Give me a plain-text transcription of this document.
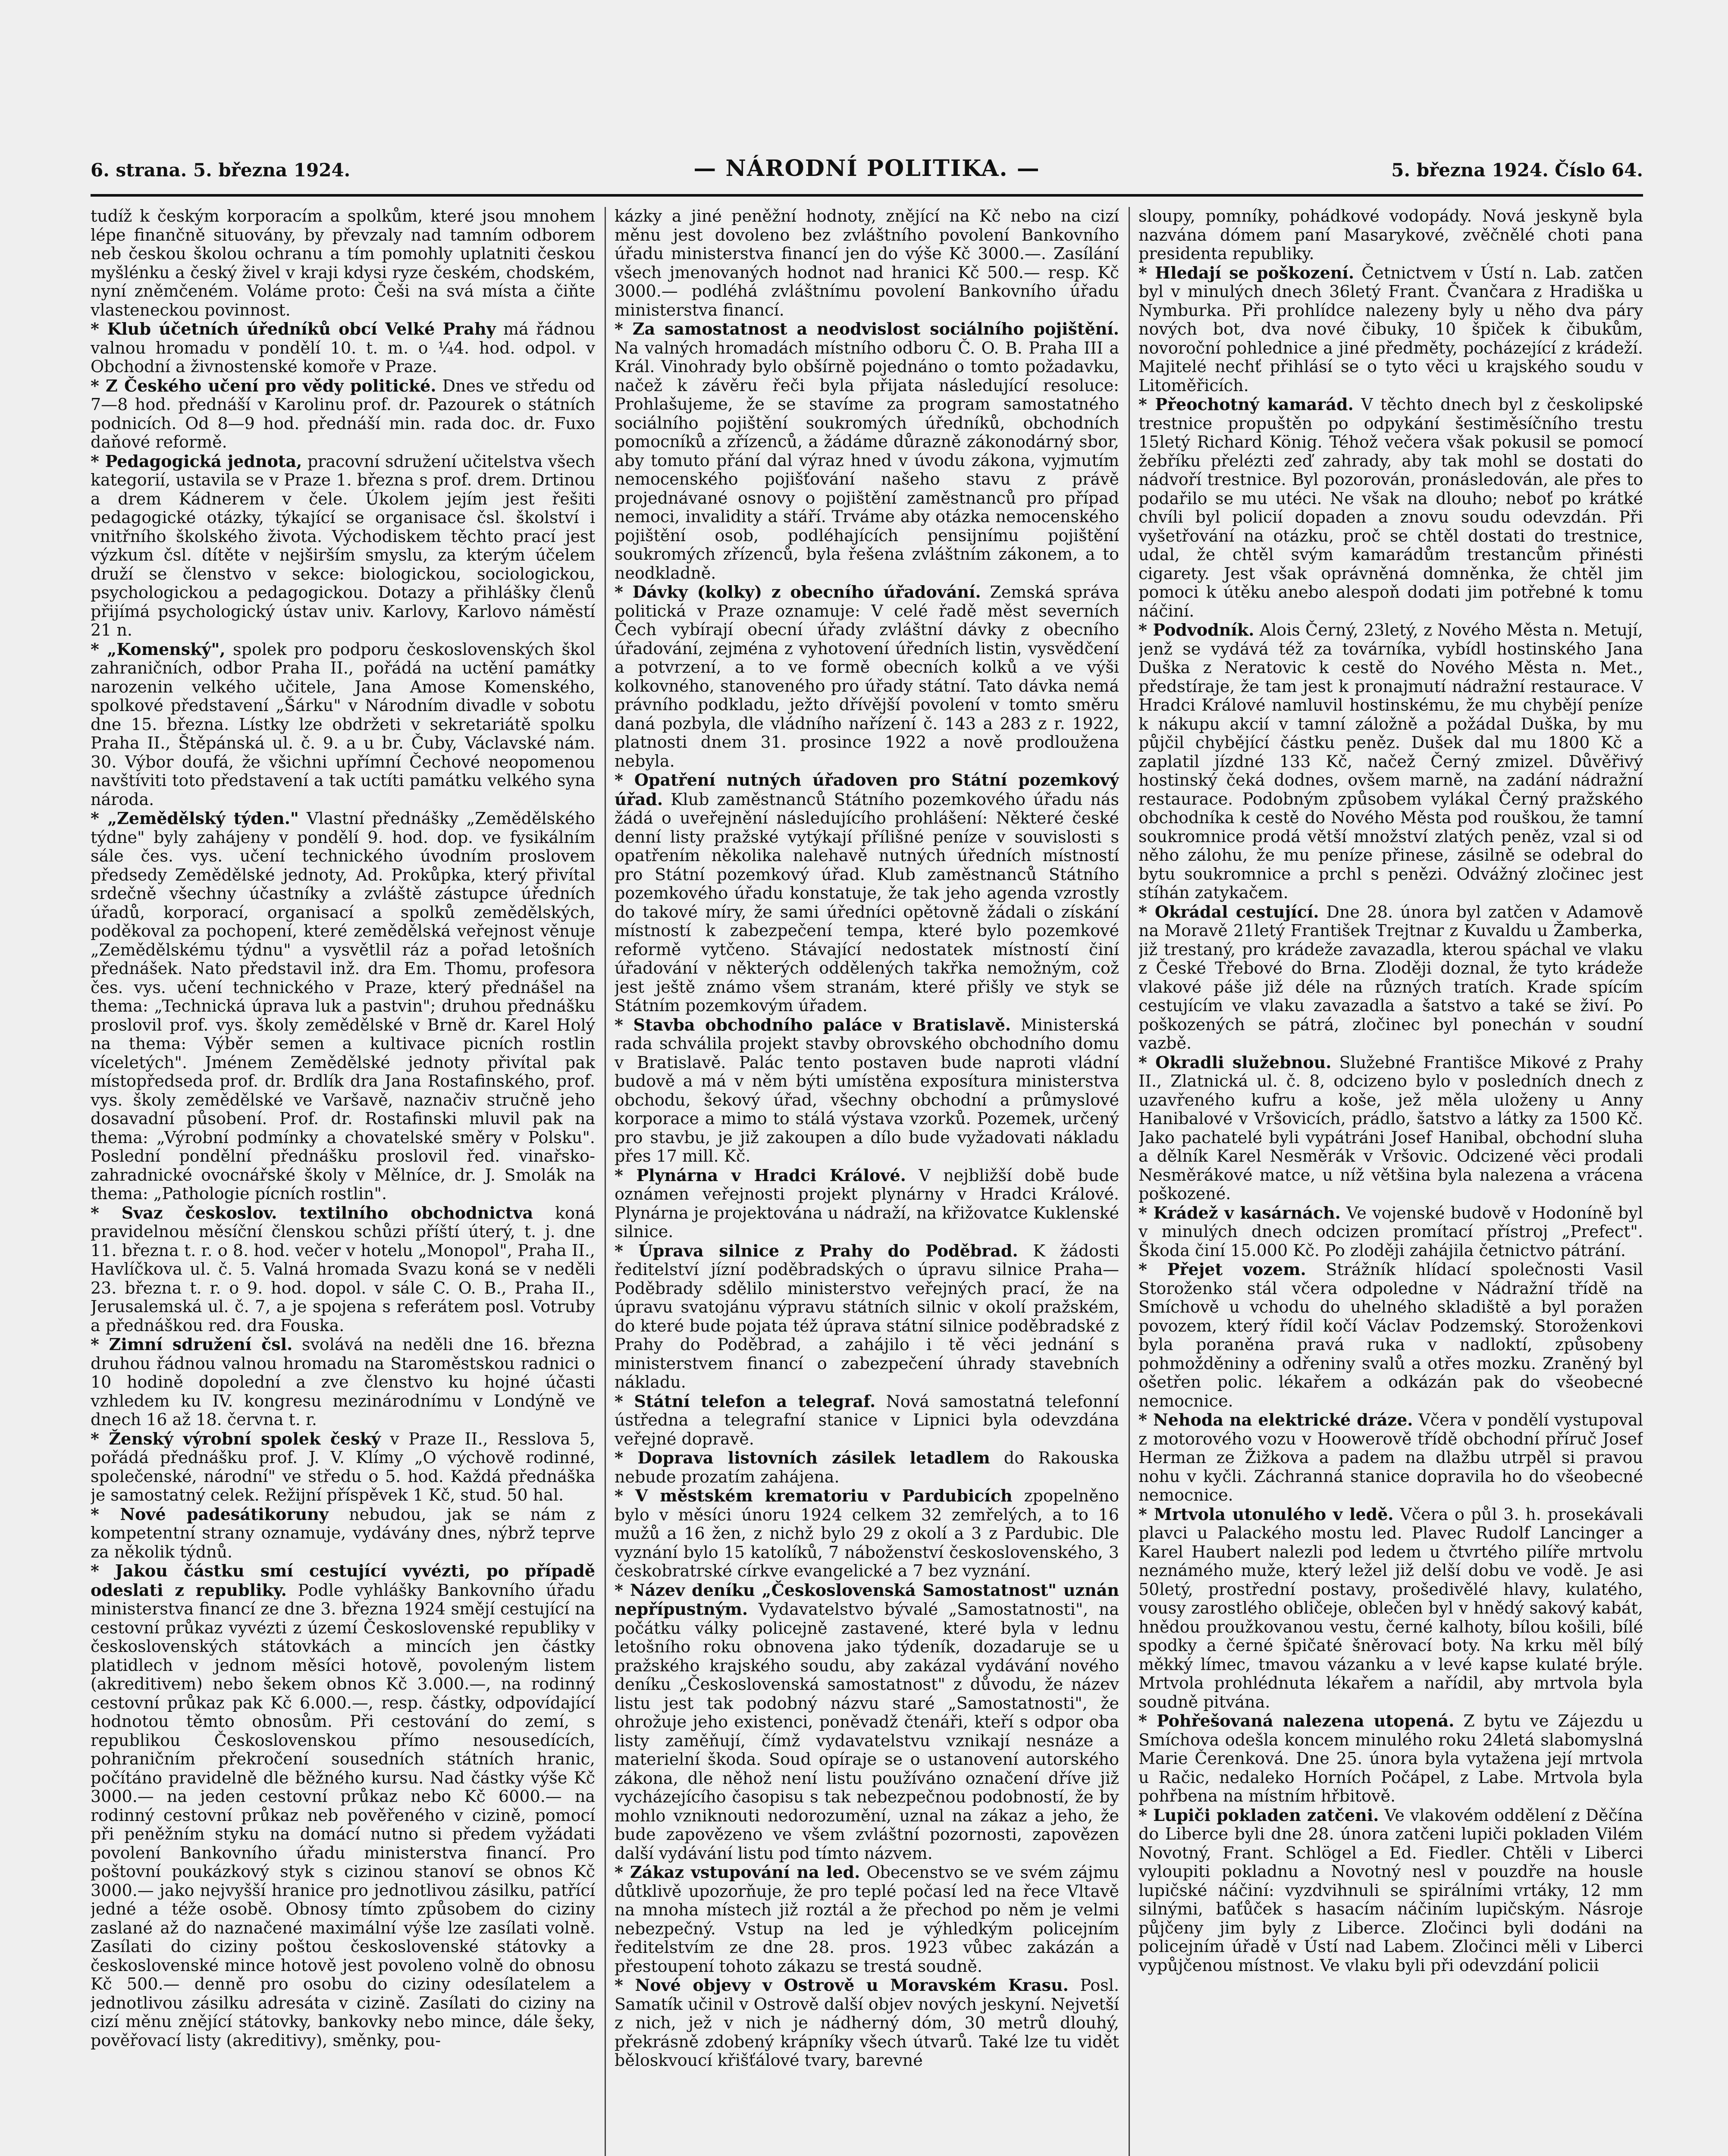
6. strana. 5. března 1924.	— NÁRODNÍ POLITIKA. —	5. března 1924. Číslo 64.

tudíž k českým korporacím a spolkům, které jsou mnohem lépe finančně situovány, by převzaly nad tamním odborem neb českou školou ochranu a tím pomohly uplatniti českou myšlénku a český živel v kraji kdysi ryze českém, chodském, nyní zněmčeném. Voláme proto: Češi na svá místa a čiňte vlasteneckou povinnost.

* Klub účetních úředníků obcí Velké Prahy má řádnou valnou hromadu v pondělí 10. t. m. o ¼4. hod. odpol. v Obchodní a živnostenské komoře v Praze.

* Z Českého učení pro vědy politické. Dnes ve středu od 7—8 hod. přednáší v Karolinu prof. dr. Pazourek o státních podnicích. Od 8—9 hod. přednáší min. rada doc. dr. Fuxo daňové reformě.

* Pedagogická jednota, pracovní sdružení učitelstva všech kategorií, ustavila se v Praze 1. března s prof. drem. Drtinou a drem Kádnerem v čele. Úkolem jejím jest řešiti pedagogické otázky, týkající se organisace čsl. školství i vnitřního školského života. Východiskem těchto prací jest výzkum čsl. dítěte v nejširším smyslu, za kterým účelem druží se členstvo v sekce: biologickou, sociologickou, psychologickou a pedagogickou. Dotazy a přihlášky členů přijímá psychologický ústav univ. Karlovy, Karlovo náměstí 21 n.

* „Komenský", spolek pro podporu československých škol zahraničních, odbor Praha II., pořádá na uctění památky narozenin velkého učitele, Jana Amose Komenského, spolkové představení „Šárku" v Národním divadle v sobotu dne 15. března. Lístky lze obdržeti v sekretariátě spolku Praha II., Štěpánská ul. č. 9. a u br. Čuby, Václavské nám. 30. Výbor doufá, že všichni upřímní Čechové neopomenou navštíviti toto představení a tak uctíti památku velkého syna národa.

* „Zemědělský týden." Vlastní přednášky „Zemědělského týdne" byly zahájeny v pondělí 9. hod. dop. ve fysikálním sále čes. vys. učení technického úvodním proslovem předsedy Zemědělské jednoty, Ad. Prokůpka, který přivítal srdečně všechny účastníky a zvláště zástupce úředních úřadů, korporací, organisací a spolků zemědělských, poděkoval za pochopení, které zemědělská veřejnost věnuje „Zemědělskému týdnu" a vysvětlil ráz a pořad letošních přednášek. Nato představil inž. dra Em. Thomu, profesora čes. vys. učení technického v Praze, který přednášel na thema: „Technická úprava luk a pastvin"; druhou přednášku proslovil prof. vys. školy zemědělské v Brně dr. Karel Holý na thema: Výběr semen a kultivace picních rostlin víceletých". Jménem Zemědělské jednoty přivítal pak místopředseda prof. dr. Brdlík dra Jana Rostafinského, prof. vys. školy zemědělské ve Varšavě, naznačiv stručně jeho dosavadní působení. Prof. dr. Rostafinski mluvil pak na thema: „Výrobní podmínky a chovatelské směry v Polsku". Poslední pondělní přednášku proslovil řed. vinařsko-zahradnické ovocnářské školy v Mělníce, dr. J. Smolák na thema: „Pathologie pícních rostlin".

* Svaz českoslov. textilního obchodnictva koná pravidelnou měsíční členskou schůzi příští úterý, t. j. dne 11. března t. r. o 8. hod. večer v hotelu „Monopol", Praha II., Havlíčkova ul. č. 5. Valná hromada Svazu koná se v neděli 23. března t. r. o 9. hod. dopol. v sále C. O. B., Praha II., Jerusalemská ul. č. 7, a je spojena s referátem posl. Votruby a přednáškou red. dra Fouska.

* Zimní sdružení čsl. svolává na neděli dne 16. března druhou řádnou valnou hromadu na Staroměstskou radnici o 10 hodině dopolední a zve členstvo ku hojné účasti vzhledem ku IV. kongresu mezinárodnímu v Londýně ve dnech 16 až 18. června t. r.

* Ženský výrobní spolek český v Praze II., Resslova 5, pořádá přednášku prof. J. V. Klímy „O výchově rodinné, společenské, národní" ve středu o 5. hod. Každá přednáška je samostatný celek. Režijní příspěvek 1 Kč, stud. 50 hal.

* Nové padesátikoruny nebudou, jak se nám z kompetentní strany oznamuje, vydávány dnes, nýbrž teprve za několik týdnů.

* Jakou částku smí cestující vyvézti, po případě odeslati z republiky. Podle vyhlášky Bankovního úřadu ministerstva financí ze dne 3. března 1924 smějí cestující na cestovní průkaz vyvézti z území Československé republiky v československých státovkách a mincích jen částky platidlech v jednom měsíci hotově, povoleným listem (akreditivem) nebo šekem obnos Kč 3.000.—, na rodinný cestovní průkaz pak Kč 6.000.—, resp. částky, odpovídající hodnotou těmto obnosům. Při cestování do zemí, s republikou Československou přímo nesousedících, pohraničním překročení sousedních státních hranic, počítáno pravidelně dle běžného kursu. Nad částky výše Kč 3000.— na jeden cestovní průkaz nebo Kč 6000.— na rodinný cestovní průkaz neb pověřeného v cizině, pomocí při peněžním styku na domácí nutno si předem vyžádati povolení Bankovního úřadu ministerstva financí. Pro poštovní poukázkový styk s cizinou stanoví se obnos Kč 3000.— jako nejvyšší hranice pro jednotlivou zásilku, patřící jedné a téže osobě. Obnosy tímto způsobem do ciziny zaslané až do naznačené maximální výše lze zasílati volně. Zasílati do ciziny poštou československé státovky a československé mince hotově jest povoleno volně do obnosu Kč 500.— denně pro osobu do ciziny odesílatelem a jednotlivou zásilku adresáta v cizině. Zasílati do ciziny na cizí měnu znějící státovky, bankovky nebo mince, dále šeky, pověřovací listy (akreditivy), směnky, pou-

kázky a jiné peněžní hodnoty, znějící na Kč nebo na cizí měnu jest dovoleno bez zvláštního povolení Bankovního úřadu ministerstva financí jen do výše Kč 3000.—. Zasílání všech jmenovaných hodnot nad hranici Kč 500.— resp. Kč 3000.— podléhá zvláštnímu povolení Bankovního úřadu ministerstva financí.

* Za samostatnost a neodvislost sociálního pojištění. Na valných hromadách místního odboru Č. O. B. Praha III a Král. Vinohrady bylo obšírně pojednáno o tomto požadavku, načež k závěru řeči byla přijata následující resoluce: Prohlašujeme, že se stavíme za program samostatného sociálního pojištění soukromých úředníků, obchodních pomocníků a zřízenců, a žádáme důrazně zákonodárný sbor, aby tomuto přání dal výraz hned v úvodu zákona, vyjmutím nemocenského pojišťování našeho stavu z právě projednávané osnovy o pojištění zaměstnanců pro případ nemoci, invalidity a stáří. Trváme aby otázka nemocenského pojištění osob, podléhajících pensijnímu pojištění soukromých zřízenců, byla řešena zvláštním zákonem, a to neodkladně.

* Dávky (kolky) z obecního úřadování. Zemská správa politická v Praze oznamuje: V celé řadě měst severních Čech vybírají obecní úřady zvláštní dávky z obecního úřadování, zejména z vyhotovení úředních listin, vysvědčení a potvrzení, a to ve formě obecních kolků a ve výši kolkovného, stanoveného pro úřady státní. Tato dávka nemá právního podkladu, ježto dřívější povolení v tomto směru daná pozbyla, dle vládního nařízení č. 143 a 283 z r. 1922, platnosti dnem 31. prosince 1922 a nově prodloužena nebyla.

* Opatření nutných úřadoven pro Státní pozemkový úřad. Klub zaměstnanců Státního pozemkového úřadu nás žádá o uveřejnění následujícího prohlášení: Některé české denní listy pražské vytýkají přílišné peníze v souvislosti s opatřením několika nalehavě nutných úředních místností pro Státní pozemkový úřad. Klub zaměstnanců Státního pozemkového úřadu konstatuje, že tak jeho agenda vzrostly do takové míry, že sami úředníci opětovně žádali o získání místností k zabezpečení tempa, které bylo pozemkové reformě vytčeno. Stávající nedostatek místností činí úřadování v některých oddělených takřka nemožným, což jest ještě známo všem stranám, které přišly ve styk se Státním pozemkovým úřadem.

* Stavba obchodního paláce v Bratislavě. Ministerská rada schválila projekt stavby obrovského obchodního domu v Bratislavě. Palác tento postaven bude naproti vládní budově a má v něm býti umístěna exposítura ministerstva obchodu, šekový úřad, všechny obchodní a průmyslové korporace a mimo to stálá výstava vzorků. Pozemek, určený pro stavbu, je již zakoupen a dílo bude vyžadovati nákladu přes 17 mill. Kč.

* Plynárna v Hradci Králové. V nejbližší době bude oznámen veřejnosti projekt plynárny v Hradci Králové. Plynárna je projektována u nádraží, na křižovatce Kuklenské silnice.

* Úprava silnice z Prahy do Poděbrad. K žádosti ředitelství jízní poděbradských o úpravu silnice Praha—Poděbrady sdělilo ministerstvo veřejných prací, že na úpravu svatojánu výpravu státních silnic v okolí pražském, do které bude pojata též úprava státní silnice poděbradské z Prahy do Poděbrad, a zahájilo i tě věci jednání s ministerstvem financí o zabezpečení úhrady stavebních nákladu.

* Státní telefon a telegraf. Nová samostatná telefonní ústředna a telegrafní stanice v Lipnici byla odevzdána veřejné dopravě.

* Doprava listovních zásilek letadlem do Rakouska nebude prozatím zahájena.

* V městském krematoriu v Pardubicích zpopelněno bylo v měsíci únoru 1924 celkem 32 zemřelých, a to 16 mužů a 16 žen, z nichž bylo 29 z okolí a 3 z Pardubic. Dle vyznání bylo 15 katolíků, 7 náboženství československého, 3 českobratrské církve evangelické a 7 bez vyznání.

* Název deníku „Československá Samostatnost" uznán nepřípustným. Vydavatelstvo bývalé „Samostatnosti", na počátku války policejně zastavené, které byla v lednu letošního roku obnovena jako týdeník, dozadaruje se u pražského krajského soudu, aby zakázal vydávání nového deníku „Československá samostatnost" z důvodu, že název listu jest tak podobný názvu staré „Samostatnosti", že ohrožuje jeho existenci, poněvadž čtenáři, kteří s odpor oba listy zaměňují, čímž vydavatelstvu vznikají nesnáze a materielní škoda. Soud opíraje se o ustanovení autorského zákona, dle něhož není listu používáno označení dříve již vycházejícího časopisu s tak nebezpečnou podobností, že by mohlo vzniknouti nedorozumění, uznal na zákaz a jeho, že bude zapovězeno ve všem zvláštní pozornosti, zapovězen další vydávání listu pod tímto názvem.

* Zákaz vstupování na led. Obecenstvo se ve svém zájmu důtklivě upozorňuje, že pro teplé počasí led na řece Vltavě na mnoha místech již roztál a že přechod po něm je velmi nebezpečný. Vstup na led je výhledkým policejním ředitelstvím ze dne 28. pros. 1923 vůbec zakázán a přestoupení tohoto zákazu se trestá soudně.

* Nové objevy v Ostrově u Moravském Krasu. Posl. Samatík učinil v Ostrově další objev nových jeskyní. Nejvetší z nich, jež v nich je nádherný dóm, 30 metrů dlouhý, překrásně zdobený krápníky všech útvarů. Také lze tu vidět běloskvoucí křišťálové tvary, barevné

sloupy, pomníky, pohádkové vodopády. Nová jeskyně byla nazvána dómem paní Masarykové, zvěčnělé choti pana presidenta republiky.

* Hledají se poškození. Četnictvem v Ústí n. Lab. zatčen byl v minulých dnech 36letý Frant. Čvančara z Hradiška u Nymburka. Při prohlídce nalezeny byly u něho dva páry nových bot, dva nové čibuky, 10 špiček k čibukům, novoroční pohlednice a jiné předměty, pocházející z krádeží. Majitelé nechť přihlásí se o tyto věci u krajského soudu v Litoměřicích.

* Přeochotný kamarád. V těchto dnech byl z českolipské trestnice propuštěn po odpykání šestiměsíčního trestu 15letý Richard König. Téhož večera však pokusil se pomocí žebříku přelézti zeď zahrady, aby tak mohl se dostati do nádvoří trestnice. Byl pozorován, pronásledován, ale přes to podařilo se mu utéci. Ne však na dlouho; neboť po krátké chvíli byl policií dopaden a znovu soudu odevzdán. Při vyšetřování na otázku, proč se chtěl dostati do trestnice, udal, že chtěl svým kamarádům trestancům přinésti cigarety. Jest však oprávněná domněnka, že chtěl jim pomoci k útěku anebo alespoň dodati jim potřebné k tomu náčiní.

* Podvodník. Alois Černý, 23letý, z Nového Města n. Metují, jenž se vydává též za továrníka, vybídl hostinského Jana Duška z Neratovic k cestě do Nového Města n. Met., předstíraje, že tam jest k pronajmutí nádražní restaurace. V Hradci Králové namluvil hostinskému, že mu chybějí peníze k nákupu akcií v tamní záložně a požádal Duška, by mu půjčil chybějící částku peněz. Dušek dal mu 1800 Kč a zaplatil jízdné 133 Kč, načež Černý zmizel. Důvěřivý hostinský čeká dodnes, ovšem marně, na zadání nádražní restaurace. Podobným způsobem vylákal Černý pražského obchodníka k cestě do Nového Města pod rouškou, že tamní soukromnice prodá větší množství zlatých peněz, vzal si od něho zálohu, že mu peníze přinese, zásilně se odebral do bytu soukromnice a prchl s penězi. Odvážný zločinec jest stíhán zatykačem.

* Okrádal cestující. Dne 28. února byl zatčen v Adamově na Moravě 21letý František Trejtnar z Kuvaldu u Žamberka, již trestaný, pro krádeže zavazadla, kterou spáchal ve vlaku z České Třebové do Brna. Zloději doznal, že tyto krádeže vlakové páše již déle na různých tratích. Krade spícím cestujícím ve vlaku zavazadla a šatstvo a také se živí. Po poškozených se pátrá, zločinec byl ponechán v soudní vazbě.

* Okradli služebnou. Služebné Františce Mikové z Prahy II., Zlatnická ul. č. 8, odcizeno bylo v posledních dnech z uzavřeného kufru a koše, jež měla uloženy u Anny Hanibalové v Vršovicích, prádlo, šatstvo a látky za 1500 Kč. Jako pachatelé byli vypátráni Josef Hanibal, obchodní sluha a dělník Karel Nesměrák v Vršovic. Odcizené věci prodali Nesměrákové matce, u níž většina byla nalezena a vrácena poškozené.

* Krádež v kasárnách. Ve vojenské budově v Hodoníně byl v minulých dnech odcizen promítací přístroj „Prefect". Škoda činí 15.000 Kč. Po zloději zahájila četnictvo pátrání.

* Přejet vozem. Strážník hlídací společnosti Vasil Storoženko stál včera odpoledne v Nádražní třídě na Smíchově u vchodu do uhelného skladiště a byl poražen povozem, který řídil kočí Václav Podzemský. Storoženkovi byla poraněna pravá ruka v nadloktí, způsobeny pohmožděniny a odřeniny svalů a otřes mozku. Zraněný byl ošetřen polic. lékařem a odkázán pak do všeobecné nemocnice.

* Nehoda na elektrické dráze. Včera v pondělí vystupoval z motorového vozu v Hoowerově třídě obchodní příruč Josef Herman ze Žižkova a padem na dlažbu utrpěl si pravou nohu v kyčli. Záchranná stanice dopravila ho do všeobecné nemocnice.

* Mrtvola utonulého v ledě. Včera o půl 3. h. prosekávali plavci u Palackého mostu led. Plavec Rudolf Lancinger a Karel Haubert nalezli pod ledem u čtvrtého pilíře mrtvolu neznámého muže, který ležel již delší dobu ve vodě. Je asi 50letý, prostřední postavy, prošedivělé hlavy, kulatého, vousy zarostlého obličeje, oblečen byl v hnědý sakový kabát, hnědou proužkovanou vestu, černé kalhoty, bílou košili, bílé spodky a černé špičaté šněrovací boty. Na krku měl bílý měkký límec, tmavou vázanku a v levé kapse kulaté brýle. Mrtvola prohlédnuta lékařem a nařídil, aby mrtvola byla soudně pitvána.

* Pohřešovaná nalezena utopená. Z bytu ve Zájezdu u Smíchova odešla koncem minulého roku 24letá slabomyslná Marie Čerenková. Dne 25. února byla vytažena její mrtvola u Račic, nedaleko Horních Počápel, z Labe. Mrtvola byla pohřbena na místním hřbitově.

* Lupiči pokladen zatčeni. Ve vlakovém oddělení z Děčína do Liberce byli dne 28. února zatčeni lupiči pokladen Vilém Novotný, Frant. Schlögel a Ed. Fiedler. Chtěli v Liberci vyloupiti pokladnu a Novotný nesl v pouzdře na housle lupičské náčiní: vyzdvihnuli se spirálními vrtáky, 12 mm silnými, baťůček s hasacím náčiním lupičským. Násroje půjčeny jim byly z Liberce. Zločinci byli dodáni na policejním úřadě v Ústí nad Labem. Zločinci měli v Liberci vypůjčenou místnost. Ve vlaku byli při odevzdání policii
